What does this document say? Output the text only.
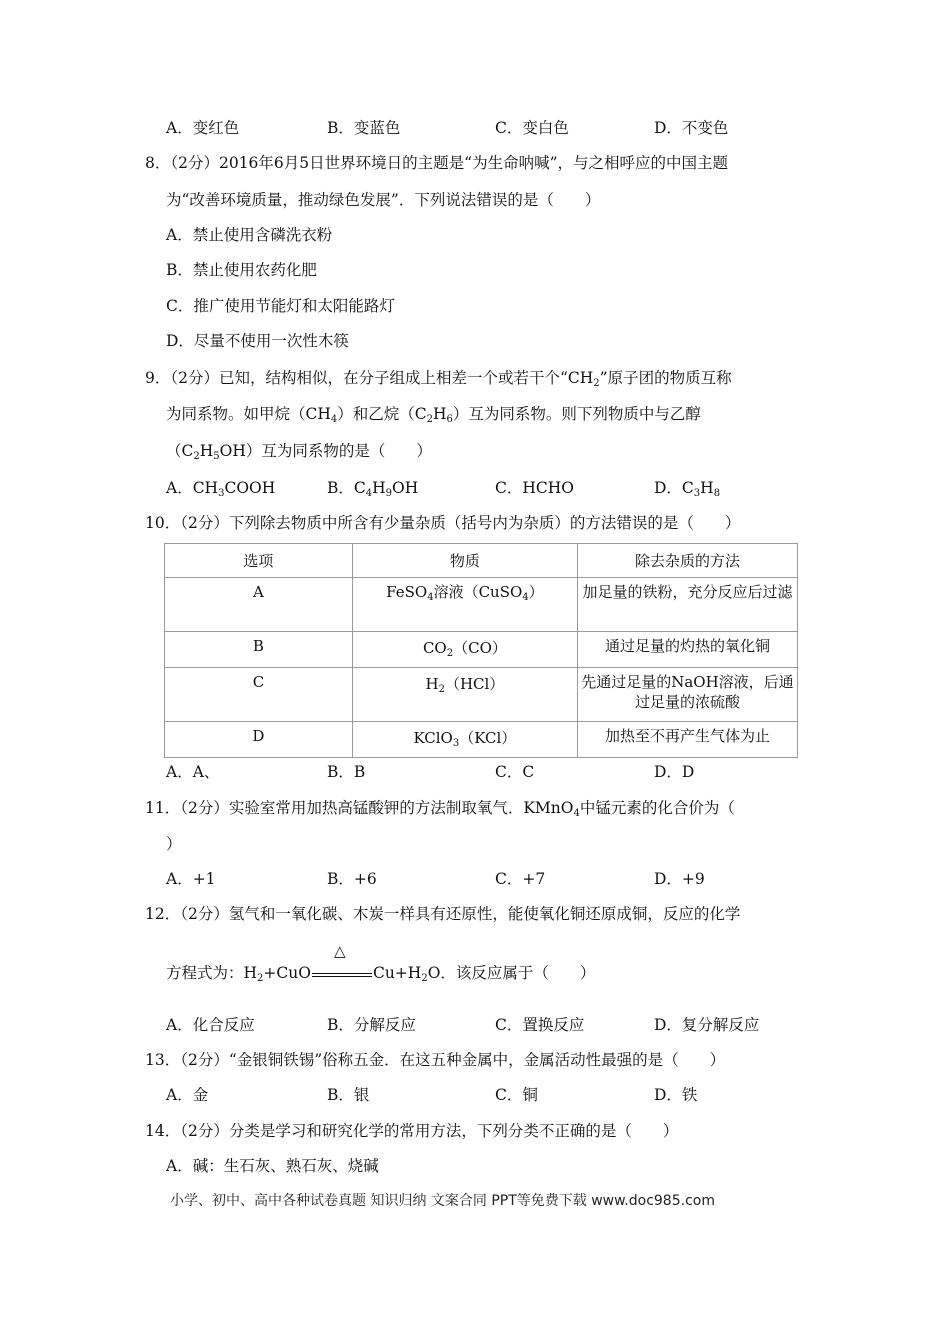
A．变红色	B．变蓝色	C．变白色	D．不变色
8．（2分）2016年6月5日世界环境日的主题是“为生命呐喊”，与之相呼应的中国主题
为“改善环境质量，推动绿色发展”．下列说法错误的是（　　）
A．禁止使用含磷洗衣粉
B．禁止使用农药化肥
C．推广使用节能灯和太阳能路灯
D．尽量不使用一次性木筷
9．（2分）已知，结构相似，在分子组成上相差一个或若干个“$CH_2$”原子团的物质互称
为同系物。如甲烷$(CH_4)$和乙烷$(C_2H_6)$互为同系物。则下列物质中与乙醇
$(C_2H_5OH)$互为同系物的是（　　）
A．$CH_3COOH$	B．$C_4H_9OH$	C．HCHO	D．$C_3H_8$
10．（2分）下列除去物质中所含有少量杂质（括号内为杂质）的方法错误的是（　　）
选项	物质	除去杂质的方法
A	FeSO$_4$溶液（CuSO$_4$）	加足量的铁粉，充分反应后过滤
B	$CO_2(CO)$	通过足量的灼热的氧化铜
C	$H_2(HCl)$	先通过足量的NaOH溶液，后通过足量的浓硫酸
D	KClO$_3$（KCl）	加热至不再产生气体为止
A．A、	B．B	C．C	D．D
11．（2分）实验室常用加热高锰酸钾的方法制取氧气．KMnO$_4$中锰元素的化合价为（
）
A．+1	B．+6	C．+7	D．+9
12．（2分）氢气和一氧化碳、木炭一样具有还原性，能使氧化铜还原成铜，反应的化学
方程式为：$H_2+CuO$
△
$Cu+H_2O$．该反应属于（　　）
A．化合反应	B．分解反应	C．置换反应	D．复分解反应
13．（2分）“金银铜铁锡”俗称五金．在这五种金属中，金属活动性最强的是（　　）
A．金	B．银	C．铜	D．铁
14．（2分）分类是学习和研究化学的常用方法，下列分类不正确的是（　　）
A．碱：生石灰、熟石灰、烧碱
小学、初中、高中各种试卷真题 知识归纳 文案合同 PPT等免费下载 www.doc985.com
